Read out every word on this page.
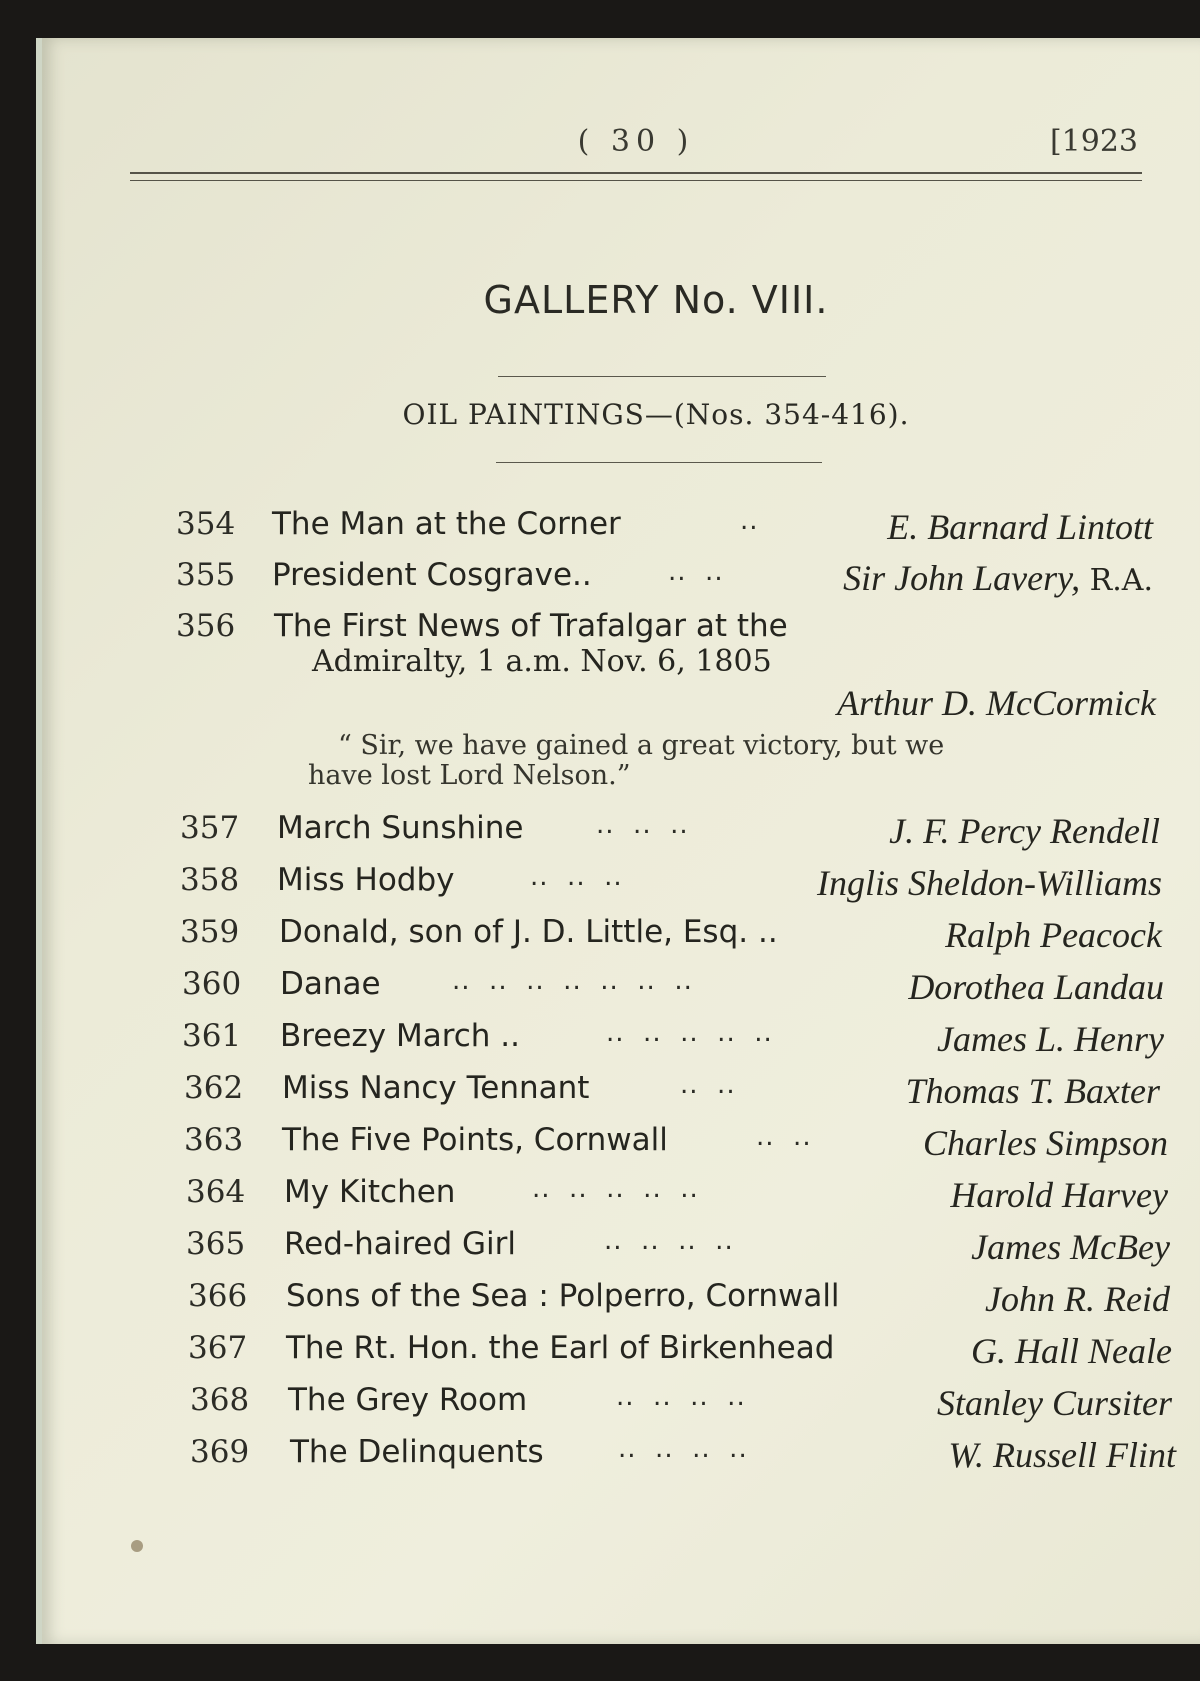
( 30 )	[1923
GALLERY No. VIII.
OIL PAINTINGS—(Nos. 354-416).
354 The Man at the Corner	..	E. Barnard Lintott
355 President Cosgrave..	..  ..	Sir John Lavery, R.A.
356 The First News of Trafalgar at the
Admiralty, 1 a.m. Nov. 6, 1805
Arthur D. McCormick
“ Sir, we have gained a great victory, but we
have lost Lord Nelson.”
357 March Sunshine	..  ..  ..	J. F. Percy Rendell
358 Miss Hodby	..  ..  ..	Inglis Sheldon-Williams
359 Donald, son of J. D. Little, Esq. ..	Ralph Peacock
360 Danae	..  ..  ..  ..  ..  ..  ..	Dorothea Landau
361 Breezy March ..	..  ..  ..  ..  ..	James L. Henry
362 Miss Nancy Tennant	..  ..	Thomas T. Baxter
363 The Five Points, Cornwall	..  ..	Charles Simpson
364 My Kitchen	..  ..  ..  ..  ..	Harold Harvey
365 Red-haired Girl	..  ..  ..  ..	James McBey
366 Sons of the Sea : Polperro, Cornwall	John R. Reid
367 The Rt. Hon. the Earl of Birkenhead	G. Hall Neale
368 The Grey Room	..  ..  ..  ..	Stanley Cursiter
369 The Delinquents	..  ..  ..  ..	W. Russell Flint
